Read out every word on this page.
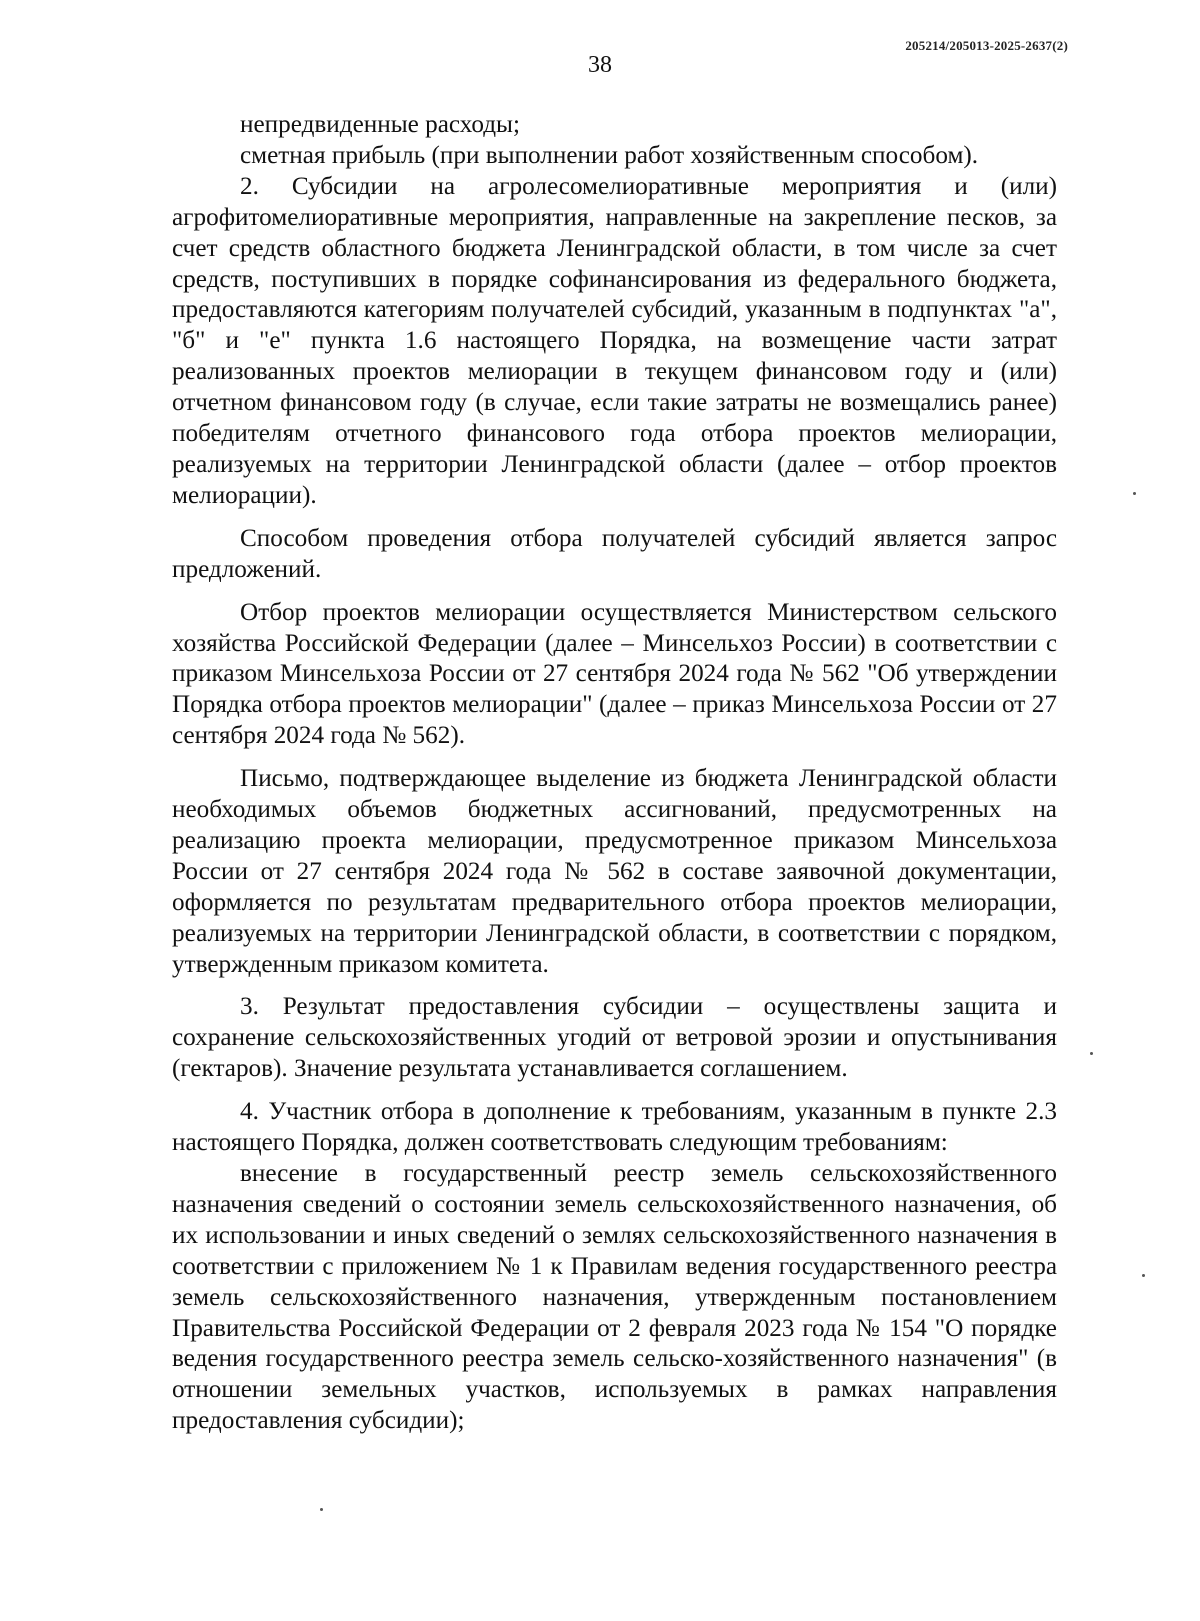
205214/205013-2025-2637(2)
38

непредвиденные расходы;

сметная прибыль (при выполнении работ хозяйственным способом).

2. Субсидии на агролесомелиоративные мероприятия и (или) агрофитомелиоративные мероприятия, направленные на закрепление песков, за счет средств областного бюджета Ленинградской области, в том числе за счет средств, поступивших в порядке софинансирования из федерального бюджета, предоставляются категориям получателей субсидий, указанным в подпунктах "а", "б" и "е" пункта 1.6 настоящего Порядка, на возмещение части затрат реализованных проектов мелиорации в текущем финансовом году и (или) отчетном финансовом году (в случае, если такие затраты не возмещались ранее) победителям отчетного финансового года отбора проектов мелиорации, реализуемых на территории Ленинградской области (далее – отбор проектов мелиорации).

Способом проведения отбора получателей субсидий является запрос предложений.

Отбор проектов мелиорации осуществляется Министерством сельского хозяйства Российской Федерации (далее – Минсельхоз России) в соответствии с приказом Минсельхоза России от 27 сентября 2024 года № 562 "Об утверждении Порядка отбора проектов мелиорации" (далее – приказ Минсельхоза России от 27 сентября 2024 года № 562).

Письмо, подтверждающее выделение из бюджета Ленинградской области необходимых объемов бюджетных ассигнований, предусмотренных на реализацию проекта мелиорации, предусмотренное приказом Минсельхоза России от 27 сентября 2024 года № 562 в составе заявочной документации, оформляется по результатам предварительного отбора проектов мелиорации, реализуемых на территории Ленинградской области, в соответствии с порядком, утвержденным приказом комитета.

3. Результат предоставления субсидии – осуществлены защита и сохранение сельскохозяйственных угодий от ветровой эрозии и опустынивания (гектаров). Значение результата устанавливается соглашением.

4. Участник отбора в дополнение к требованиям, указанным в пункте 2.3 настоящего Порядка, должен соответствовать следующим требованиям:

внесение в государственный реестр земель сельскохозяйственного назначения сведений о состоянии земель сельскохозяйственного назначения, об их использовании и иных сведений о землях сельскохозяйственного назначения в соответствии с приложением № 1 к Правилам ведения государственного реестра земель сельскохозяйственного назначения, утвержденным постановлением Правительства Российской Федерации от 2 февраля 2023 года № 154 "О порядке ведения государственного реестра земель сельско-хозяйственного назначения" (в отношении земельных участков, используемых в рамках направления предоставления субсидии);
